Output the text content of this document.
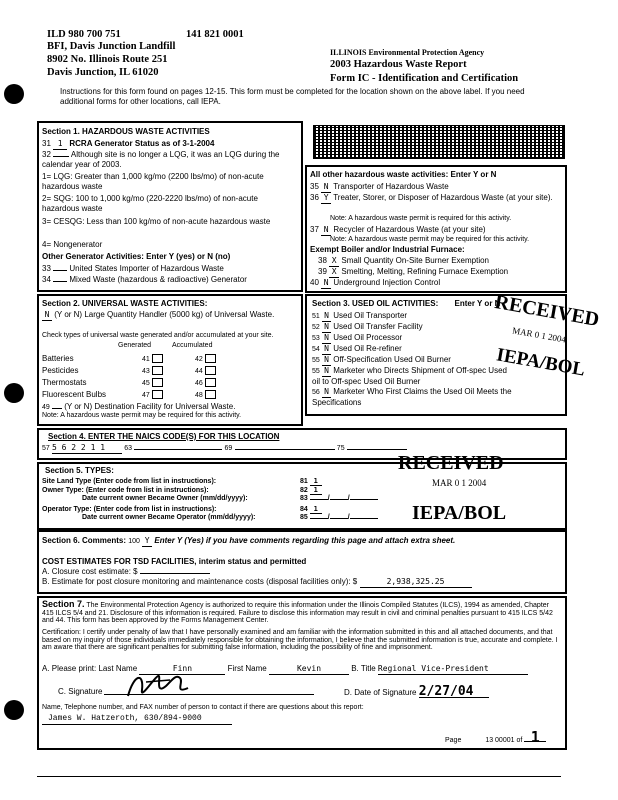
ILD 980 700 751	141 821 0001
BFI, Davis Junction Landfill
8902 No. Illinois Route 251
Davis Junction, IL 61020
ILLINOIS Environmental Protection Agency
2003 Hazardous Waste Report
Form IC - Identification and Certification
Instructions for this form found on pages 12-15. This form must be completed for the location shown on the above label. If you need additional forms for other locations, call IEPA.
Section 1. HAZARDOUS WASTE ACTIVITIES
31 1 RCRA Generator Status as of 3-1-2004
32	Although site is no longer a LQG, it was an LQG during the calendar year of 2003.
1= LQG: Greater than 1,000 kg/mo (2200 lbs/mo) of non-acute hazardous waste
2= SQG: 100 to 1,000 kg/mo (220-2220 lbs/mo) of non-acute hazardous waste
3= CESQG: Less than 100 kg/mo of non-acute hazardous waste
4= Nongenerator
Other Generator Activities: Enter Y (yes) or N (no)
33 United States Importer of Hazardous Waste
34 Mixed Waste (hazardous & radioactive) Generator
All other hazardous waste activities: Enter Y or N
35 N Transporter of Hazardous Waste
36 Y Treater, Storer, or Disposer of Hazardous Waste (at your site).
Note: A hazardous waste permit is required for this activity.
37 N Recycler of Hazardous Waste (at your site)
Note: A hazardous waste permit may be required for this activity.
Exempt Boiler and/or Industrial Furnace:
38 X Small Quantity On-Site Burner Exemption
39 X Smelting, Melting, Refining Furnace Exemption
40 N Underground Injection Control
Section 2. UNIVERSAL WASTE ACTIVITIES:
N (Y or N) Large Quantity Handler (5000 kg) of Universal Waste.
Check types of universal waste generated and/or accumulated at your site.
Generated	Accumulated
Batteries	41	42
Pesticides	43	44
Thermostats	45	46
Fluorescent Bulbs	47	48
49 (Y or N) Destination Facility for Universal Waste.
Note: A hazardous waste permit may be required for this activity.
Section 3. USED OIL ACTIVITIES: Enter Y or N
51 N Used Oil Transporter
52 N Used Oil Transfer Facility
53 N Used Oil Processor
54 N Used Oil Re-refiner
55 N Off-Specification Used Oil Burner
55 N Marketer who Directs Shipment of Off-spec Used oil to Off-spec Used Oil Burner
56 N Marketer Who First Claims the Used Oil Meets the Specifications
Section 4. ENTER THE NAICS CODE(S) FOR THIS LOCATION
57 5 6 2 2 1 1	63	69	75
Section 5. TYPES:
Site Land Type (Enter code from list in instructions):	81 1
Owner Type: (Enter code from list in instructions):	82 1
Date current owner Became Owner (mm/dd/yyyy):	83	/	/
Operator Type: (Enter code from list in instructions):	84 1
Date current owner Became Operator (mm/dd/yyyy):	85	/	/
Section 6. Comments: 100 Y Enter Y (Yes) if you have comments regarding this page and attach extra sheet.
COST ESTIMATES FOR TSD FACILITIES, interim status and permitted
A. Closure cost estimate: $
B. Estimate for post closure monitoring and maintenance costs (disposal facilities only): $	2,938,325.25
Section 7. The Environmental Protection Agency is authorized to require this information under the Illinois Compiled Statutes (ILCS), 1994 as amended, Chapter 415 ILCS 5/4 and 21. Disclosure of this information is required. Failure to disclose this information may result in civil and criminal penalties pursuant to 415 ILCS 5/42 and 44. This form has been approved by the Forms Management Center.
Certification: I certify under penalty of law that I have personally examined and am familiar with the information submitted in this and all attached documents, and that based on my inquiry of those individuals immediately responsible for obtaining the information, I believe that the submitted information is true, accurate and complete. I am aware that there are significant penalties for submitting false information, including the possibility of fine and imprisonment.
A. Please print: Last Name	Finn	First Name	Kevin	B. Title Regional Vice-President
C. Signature	D. Date of Signature 2/27/04
Name, Telephone number, and FAX number of person to contact if there are questions about this report:
James W. Hatzeroth, 630/894-9000
Page	13 00001 of 1
RECEIVED
MAR 0 1 2004
IEPA/BOL
RECEIVED
MAR 0 1 2004
IEPA/BOL
